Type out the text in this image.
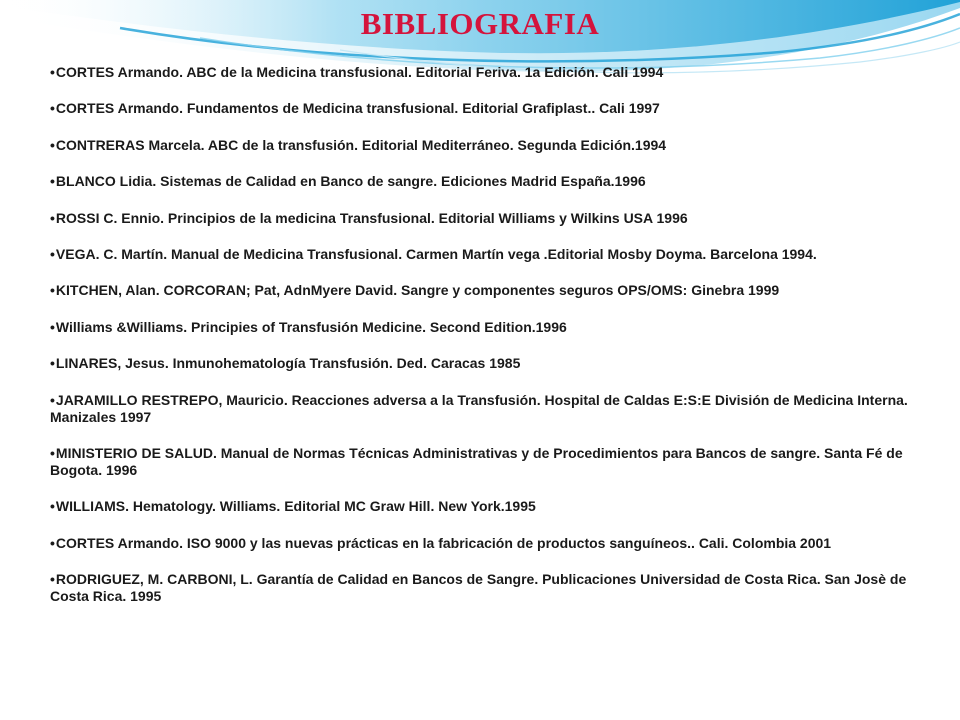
BIBLIOGRAFIA
• CORTES Armando. ABC de la Medicina transfusional. Editorial Feriva. 1a Edición. Cali 1994
• CORTES Armando. Fundamentos de Medicina transfusional. Editorial Grafiplast.. Cali 1997
• CONTRERAS Marcela. ABC de la transfusión. Editorial Mediterráneo. Segunda Edición.1994
• BLANCO Lidia. Sistemas de Calidad en Banco de sangre. Ediciones Madrid España.1996
• ROSSI C. Ennio. Principios de la medicina Transfusional. Editorial Williams y Wilkins USA 1996
• VEGA. C. Martín. Manual de Medicina Transfusional. Carmen Martín vega .Editorial Mosby Doyma. Barcelona 1994.
• KITCHEN, Alan. CORCORAN; Pat, AdnMyere David. Sangre y componentes seguros OPS/OMS: Ginebra 1999
• Williams &Williams. Principies of Transfusión Medicine. Second Edition.1996
• LINARES, Jesus. Inmunohematología Transfusión. Ded. Caracas 1985
• JARAMILLO RESTREPO, Mauricio. Reacciones adversa a la Transfusión. Hospital de Caldas E:S:E División de Medicina Interna. Manizales 1997
• MINISTERIO DE SALUD. Manual de Normas Técnicas Administrativas y de Procedimientos para Bancos de sangre. Santa Fé de Bogota. 1996
• WILLIAMS. Hematology. Williams. Editorial MC Graw Hill. New York.1995
• CORTES Armando. ISO 9000 y las nuevas prácticas en la fabricación de productos sanguíneos.. Cali. Colombia 2001
• RODRIGUEZ, M. CARBONI, L. Garantía de Calidad en Bancos de Sangre. Publicaciones Universidad de Costa Rica. San Josè de Costa Rica. 1995
